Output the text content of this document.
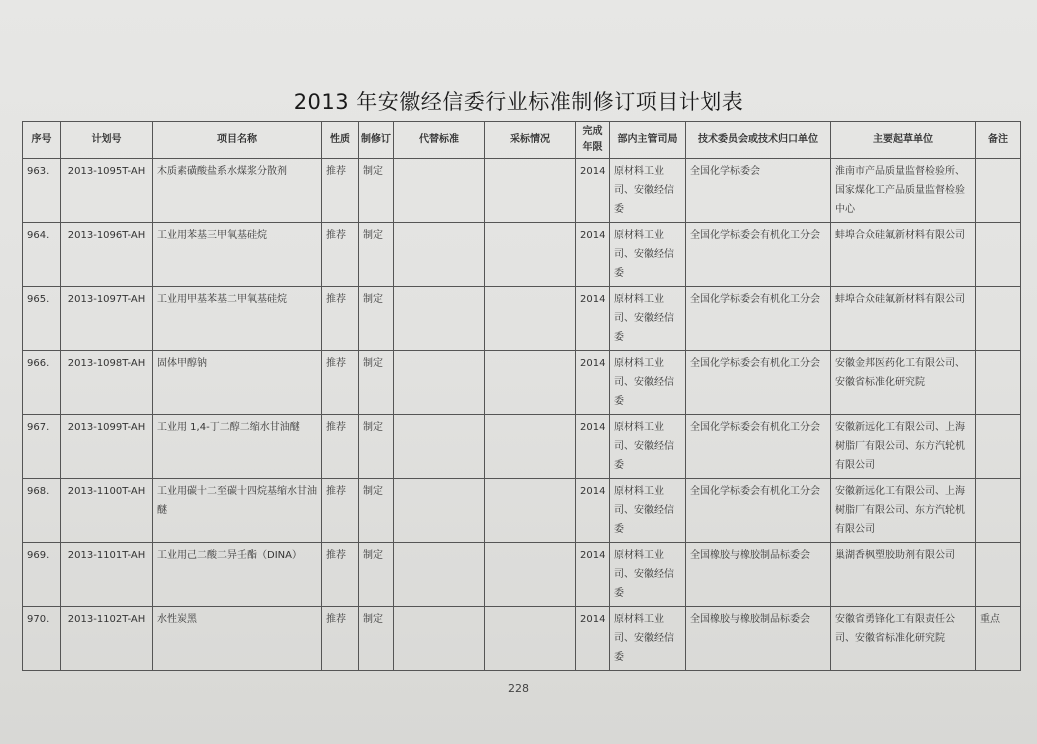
2013 年安徽经信委行业标准制修订项目计划表
序号	计划号	项目名称	性质	制修订	代替标准	采标情况	完成年限	部内主管司局	技术委员会或技术归口单位	主要起草单位	备注
963.	2013-1095T-AH	木质素磺酸盐系水煤浆分散剂	推荐	制定			2014	原材料工业司、安徽经信委	全国化学标委会	淮南市产品质量监督检验所、国家煤化工产品质量监督检验中心	
964.	2013-1096T-AH	工业用苯基三甲氧基硅烷	推荐	制定			2014	原材料工业司、安徽经信委	全国化学标委会有机化工分会	蚌埠合众硅氟新材料有限公司	
965.	2013-1097T-AH	工业用甲基苯基二甲氧基硅烷	推荐	制定			2014	原材料工业司、安徽经信委	全国化学标委会有机化工分会	蚌埠合众硅氟新材料有限公司	
966.	2013-1098T-AH	固体甲醇钠	推荐	制定			2014	原材料工业司、安徽经信委	全国化学标委会有机化工分会	安徽金邦医药化工有限公司、安徽省标准化研究院	
967.	2013-1099T-AH	工业用 1,4-丁二醇二缩水甘油醚	推荐	制定			2014	原材料工业司、安徽经信委	全国化学标委会有机化工分会	安徽新远化工有限公司、上海树脂厂有限公司、东方汽轮机有限公司	
968.	2013-1100T-AH	工业用碳十二至碳十四烷基缩水甘油醚	推荐	制定			2014	原材料工业司、安徽经信委	全国化学标委会有机化工分会	安徽新远化工有限公司、上海树脂厂有限公司、东方汽轮机有限公司	
969.	2013-1101T-AH	工业用己二酸二异壬酯（DINA）	推荐	制定			2014	原材料工业司、安徽经信委	全国橡胶与橡胶制品标委会	巢湖香枫塑胶助剂有限公司	
970.	2013-1102T-AH	水性炭黑	推荐	制定			2014	原材料工业司、安徽经信委	全国橡胶与橡胶制品标委会	安徽省勇锋化工有限责任公司、安徽省标准化研究院	重点
228
